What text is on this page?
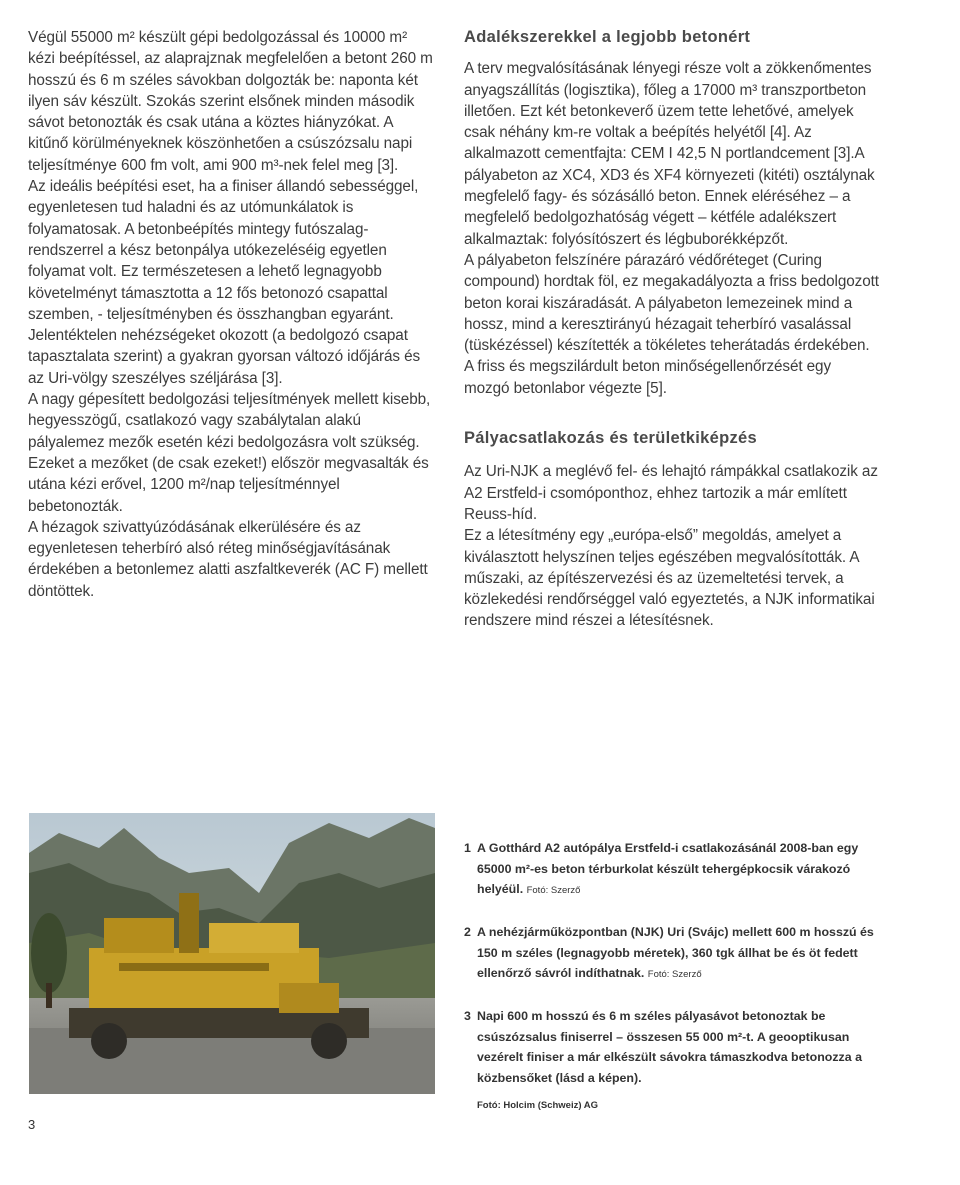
Végül 55000 m² készült gépi bedolgozással és 10000 m² kézi beépítéssel, az alaprajznak megfelelően a betont 260 m hosszú és 6 m széles sávokban dolgozták be: naponta két ilyen sáv készült. Szokás szerint elsőnek minden második sávot betonozták és csak utána a köztes hiányzókat. A kitűnő körülményeknek köszönhetően a csúszózsalu napi teljesítménye 600 fm volt, ami 900 m³-nek felel meg [3].

Az ideális beépítési eset, ha a finiser állandó sebességgel, egyenletesen tud haladni és az utómunkálatok is folyamatosak. A betonbeépítés mintegy futószalag-rendszerrel a kész betonpálya utókezeléséig egyetlen folyamat volt. Ez természetesen a lehető legnagyobb követelményt támasztotta a 12 fős betonozó csapattal szemben, - teljesítményben és összhangban egyaránt. Jelentéktelen nehézségeket okozott (a bedolgozó csapat tapasztalata szerint) a gyakran gyorsan változó időjárás és az Uri-völgy szeszélyes széljárása [3].

A nagy gépesített bedolgozási teljesítmények mellett kisebb, hegyesszögű, csatlakozó vagy szabálytalan alakú pályalemez mezők esetén kézi bedolgozásra volt szükség. Ezeket a mezőket (de csak ezeket!) először megvasalták és utána kézi erővel, 1200 m²/nap teljesítménnyel bebetonozták.

A hézagok szivattyúzódásának elkerülésére és az egyenletesen teherbíró alsó réteg minőségjavításának érdekében a betonlemez alatti aszfaltkeverék (AC F) mellett döntöttek.

Adalékszerekkel a legjobb betonért

A terv megvalósításának lényegi része volt a zökkenőmentes anyagszállítás (logisztika), főleg a 17000 m³ transzportbeton illetően. Ezt két betonkeverő üzem tette lehetővé, amelyek csak néhány km-re voltak a beépítés helyétől [4]. Az alkalmazott cementfajta: CEM I 42,5 N portlandcement [3].A pályabeton az XC4, XD3 és XF4 környezeti (kitéti) osztálynak megfelelő fagy- és sózásálló beton. Ennek eléréséhez – a megfelelő bedolgozhatóság végett – kétféle adalékszert alkalmaztak: folyósítószert és légbuborékképzőt.

A pályabeton felszínére párazáró védőréteget (Curing compound) hordtak föl, ez megakadályozta a friss bedolgozott beton korai kiszáradását. A pályabeton lemezeinek mind a hossz, mind a keresztirányú hézagait teherbíró vasalással (tüskézéssel) készítették a tökéletes teherátadás érdekében. A friss és megszilárdult beton minőségellenőrzését egy mozgó betonlabor végezte [5].

Pályacsatlakozás és területkiképzés

Az Uri-NJK a meglévő fel- és lehajtó rámpákkal csatlakozik az A2 Erstfeld-i csomóponthoz, ehhez tartozik a már említett Reuss-híd.

Ez a létesítmény egy „európa-első” megoldás, amelyet a kiválasztott helyszínen teljes egészében megvalósították. A műszaki, az építészervezési és az üzemeltetési tervek, a közlekedési rendőrséggel való egyeztetés, a NJK informatikai rendszere mind részei a létesítésnek.

1 A Gotthárd A2 autópálya Erstfeld-i csatlakozásánál 2008-ban egy 65000 m²-es beton térburkolat készült tehergépkocsik várakozó helyéül. Fotó: Szerző
2 A nehézjárműközpontban (NJK) Uri (Svájc) mellett 600 m hosszú és 150 m széles (legnagyobb méretek), 360 tgk állhat be és öt fedett ellenőrző sávról indíthatnak. Fotó: Szerző
3 Napi 600 m hosszú és 6 m széles pályasávot betonoztak be csúszózsalus finiserrel – összesen 55 000 m²-t. A geooptikusan vezérelt finiser a már elkészült sávokra támaszkodva betonozza a közbensőket (lásd a képen).
Fotó: Holcim (Schweiz) AG
3
